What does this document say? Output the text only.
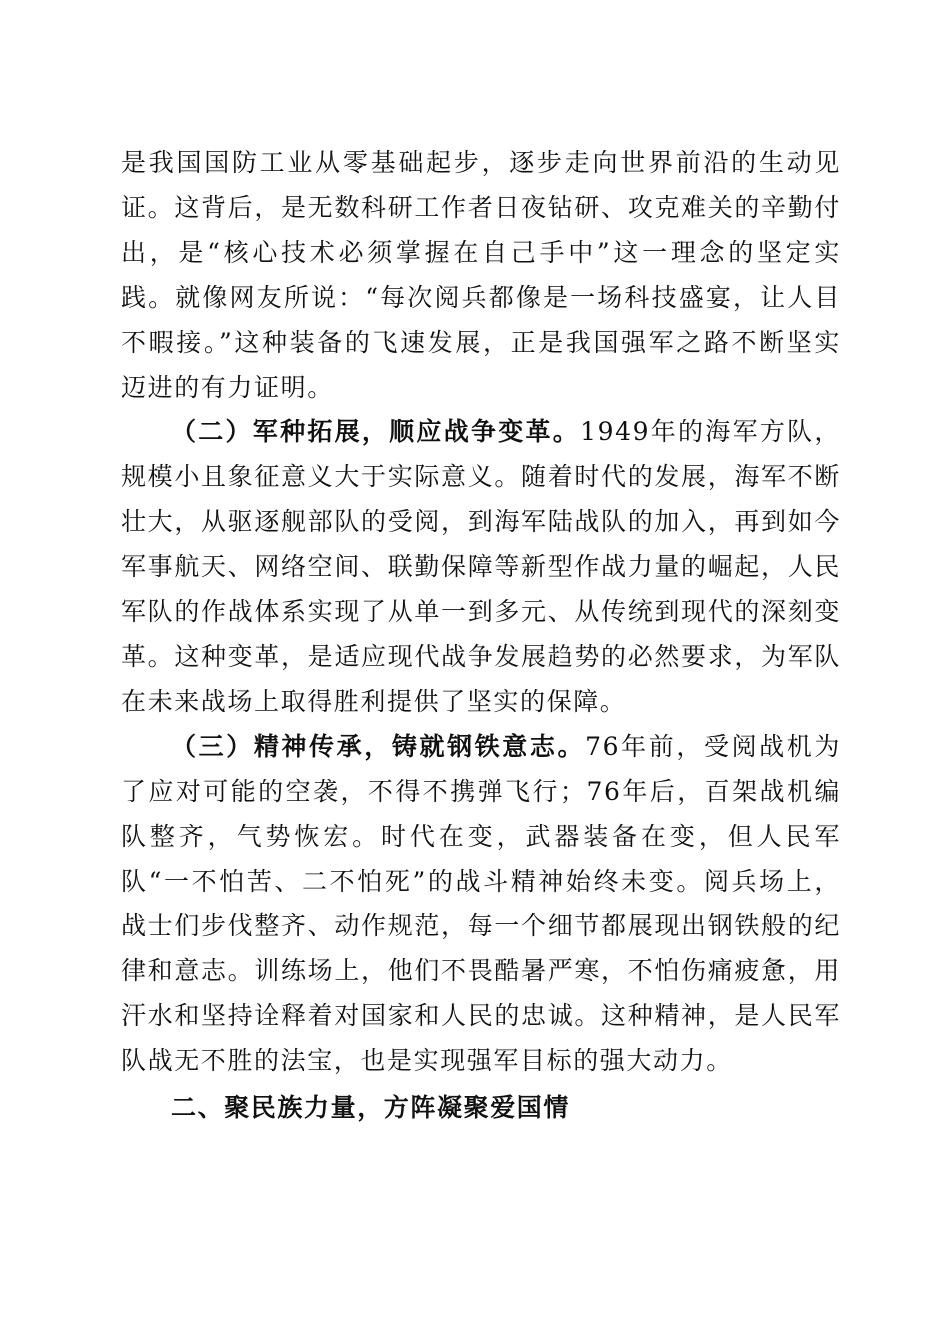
是我国国防工业从零基础起步，逐步走向世界前沿的生动见证。这背后，是无数科研工作者日夜钻研、攻克难关的辛勤付出，是“核心技术必须掌握在自己手中”这一理念的坚定实践。就像网友所说：“每次阅兵都像是一场科技盛宴，让人目不暇接。”这种装备的飞速发展，正是我国强军之路不断坚实迈进的有力证明。

（二）军种拓展，顺应战争变革。1949年的海军方队，规模小且象征意义大于实际意义。随着时代的发展，海军不断壮大，从驱逐舰部队的受阅，到海军陆战队的加入，再到如今军事航天、网络空间、联勤保障等新型作战力量的崛起，人民军队的作战体系实现了从单一到多元、从传统到现代的深刻变革。这种变革，是适应现代战争发展趋势的必然要求，为军队在未来战场上取得胜利提供了坚实的保障。

（三）精神传承，铸就钢铁意志。76年前，受阅战机为了应对可能的空袭，不得不携弹飞行；76年后，百架战机编队整齐，气势恢宏。时代在变，武器装备在变，但人民军队“一不怕苦、二不怕死”的战斗精神始终未变。阅兵场上，战士们步伐整齐、动作规范，每一个细节都展现出钢铁般的纪律和意志。训练场上，他们不畏酷暑严寒，不怕伤痛疲惫，用汗水和坚持诠释着对国家和人民的忠诚。这种精神，是人民军队战无不胜的法宝，也是实现强军目标的强大动力。

二、聚民族力量，方阵凝聚爱国情
